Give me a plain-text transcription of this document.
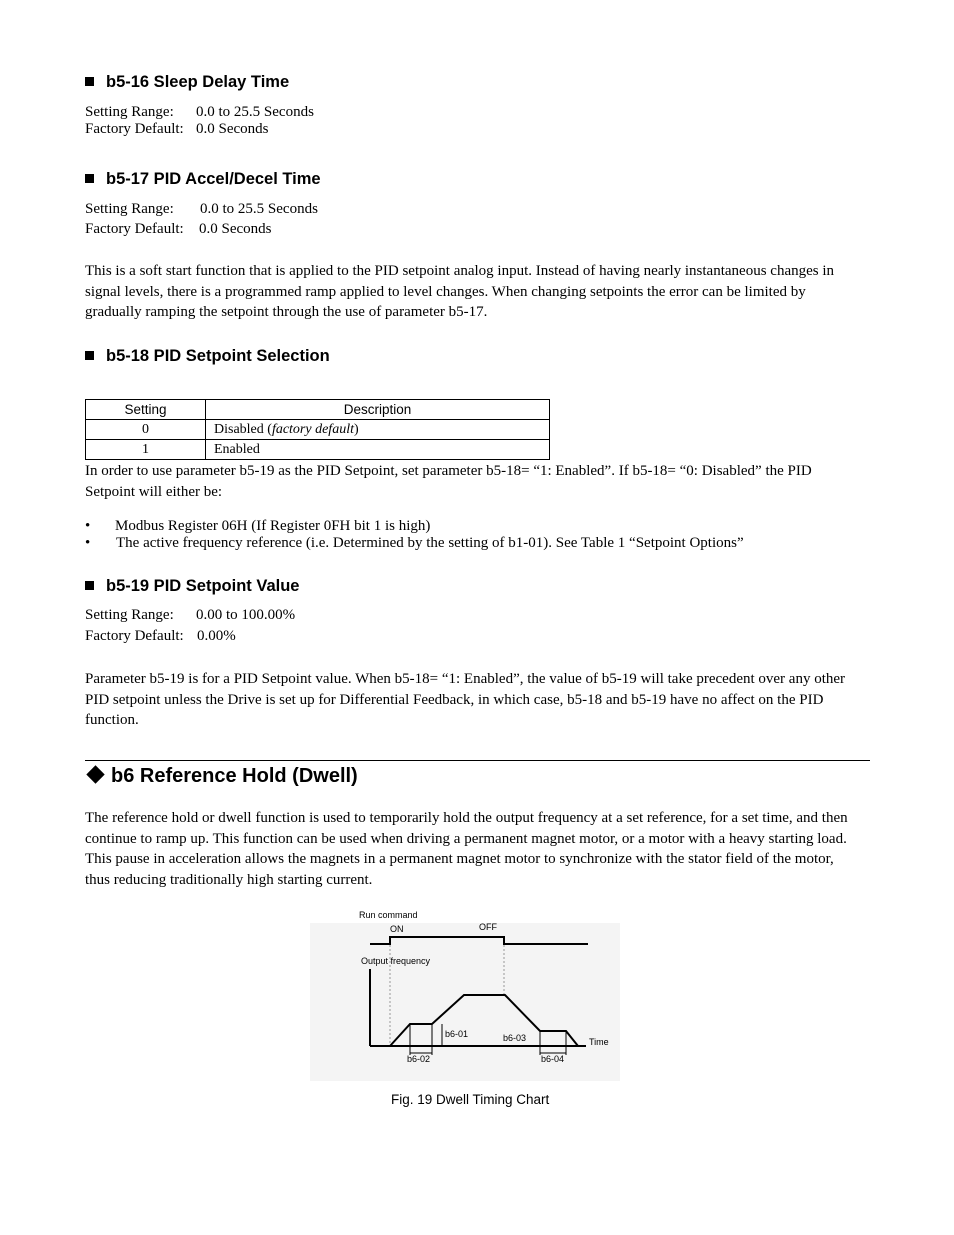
b5-16 Sleep Delay Time
Setting Range: 0.0 to 25.5 Seconds
Factory Default: 0.0 Seconds
b5-17 PID Accel/Decel Time
Setting Range: 0.0 to 25.5 Seconds
Factory Default: 0.0 Seconds
This is a soft start function that is applied to the PID setpoint analog input. Instead of having nearly instantaneous changes in
signal levels, there is a programmed ramp applied to level changes. When changing setpoints the error can be limited by
gradually ramping the setpoint through the use of parameter b5-17.
b5-18 PID Setpoint Selection
Setting	Description
0	Disabled (factory default)
1	Enabled
In order to use parameter b5-19 as the PID Setpoint, set parameter b5-18= “1: Enabled”. If b5-18= “0: Disabled” the PID
Setpoint will either be:
• Modbus Register 06H (If Register 0FH bit 1 is high)
• The active frequency reference (i.e. Determined by the setting of b1-01). See Table 1 “Setpoint Options”
b5-19 PID Setpoint Value
Setting Range: 0.00 to 100.00%
Factory Default: 0.00%
Parameter b5-19 is for a PID Setpoint value. When b5-18= “1: Enabled”, the value of b5-19 will take precedent over any other
PID setpoint unless the Drive is set up for Differential Feedback, in which case, b5-18 and b5-19 have no affect on the PID
function.
b6 Reference Hold (Dwell)
The reference hold or dwell function is used to temporarily hold the output frequency at a set reference, for a set time, and then
continue to ramp up. This function can be used when driving a permanent magnet motor, or a motor with a heavy starting load.
This pause in acceleration allows the magnets in a permanent magnet motor to synchronize with the stator field of the motor,
thus reducing traditionally high starting current.
Run command
ON	OFF
Output frequency
Time
b6-01
b6-02
b6-03
b6-04
Fig. 19 Dwell Timing Chart
